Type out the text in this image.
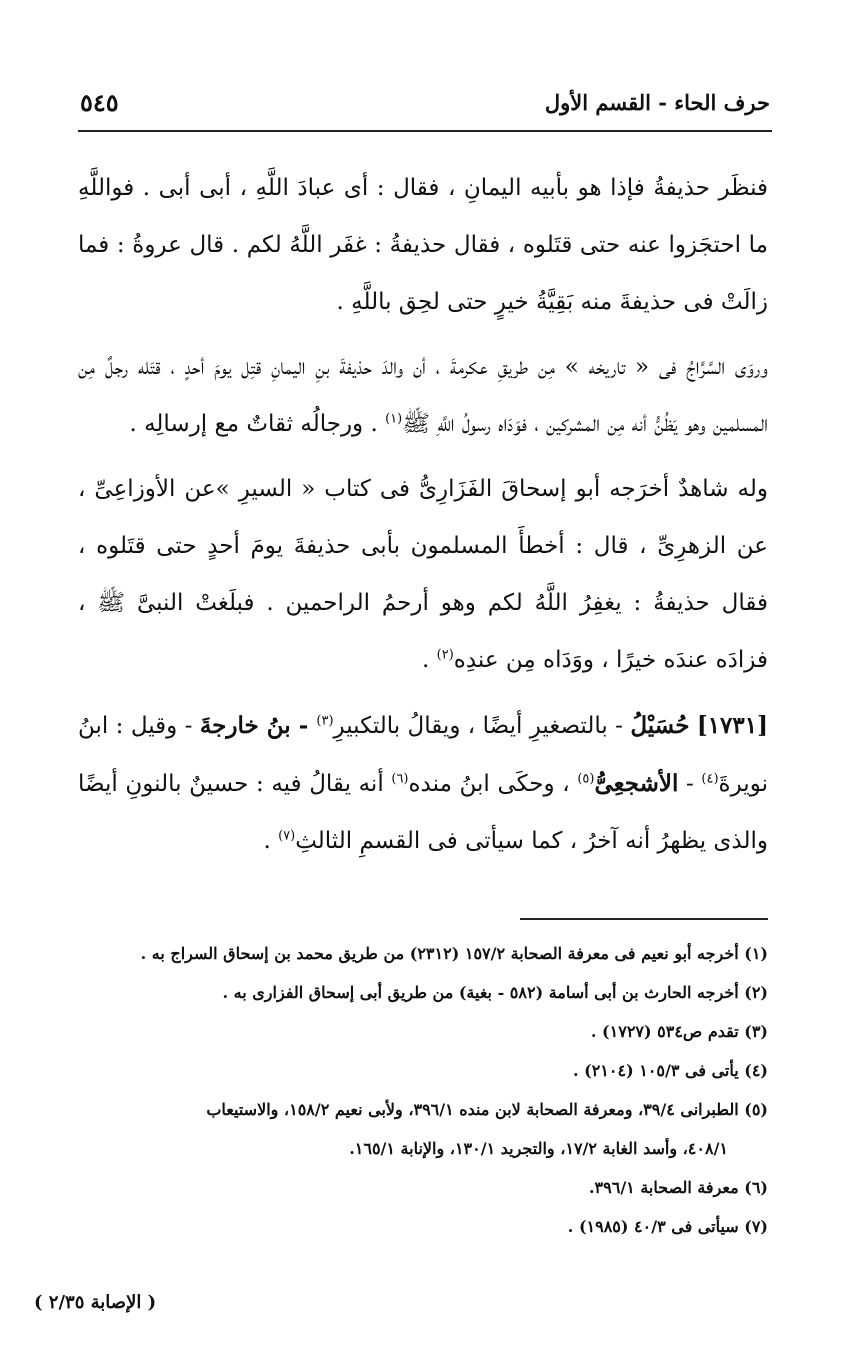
٥٤٥	حرف الحاء - القسم الأول

فنظَر حذيفةُ فإذا هو بأبيه اليمانِ ، فقال : أى عبادَ اللَّهِ ، أبى أبى . فواللَّهِ ما احتجَزوا عنه حتى قتَلوه ، فقال حذيفةُ : غفَر اللَّهُ لكم . قال عروةُ : فما زالَتْ فى حذيفةَ منه بَقِيَّةُ خيرٍ حتى لحِق باللَّهِ .

وروَى السَّرَّاجُ فى « تاريخه » مِن طريقِ عكرمةَ ، أن والدَ حذيفةَ بنِ اليمانِ قتِل يومَ أحدٍ ، قتَله رجلٌ مِن المسلمين وهو يَظُنُّ أنه مِن المشركين ، فوَدَاه رسولُ اللَّهِ ﷺ$^{(١)}$ . ورجالُه ثقاتٌ مع إرسالِه .

وله شاهدٌ أخرَجه أبو إسحاقَ الفَزَارِىُّ فى كتاب « السيرِ »عن الأوزاعِىِّ ، عن الزهرِىِّ ، قال : أخطأَ المسلمون بأبى حذيفةَ يومَ أحدٍ حتى قتَلوه ، فقال حذيفةُ : يغفِرُ اللَّهُ لكم وهو أرحمُ الراحمين . فبلَغتْ النبىَّ ﷺ ، فزادَه عندَه خيرًا ، ووَدَاه مِن عندِه$^{(٢)}$ .

[١٧٣١] حُسَيْلُ - بالتصغيرِ أيضًا ، ويقالُ بالتكبيرِ$^{(٣)}$ - بنُ خارجةَ - وقيل : ابنُ نويرةَ$^{(٤)}$ - الأشجعِىُّ$^{(٥)}$ ، وحكَى ابنُ منده$^{(٦)}$ أنه يقالُ فيه : حسينٌ بالنونِ أيضًا والذى يظهرُ أنه آخرُ ، كما سيأتى فى القسمِ الثالثِ$^{(٧)}$ .

(١) أخرجه أبو نعيم فى معرفة الصحابة ١٥٧/٢ (٢٣١٢) من طريق محمد بن إسحاق السراج به .
(٢) أخرجه الحارث بن أبى أسامة (٥٨٢ - بغية) من طريق أبى إسحاق الفزارى به .
(٣) تقدم ص٥٣٤ (١٧٢٧) .
(٤) يأتى فى ١٠٥/٣ (٢١٠٤) .
(٥) الطبرانى ٣٩/٤، ومعرفة الصحابة لابن منده ٣٩٦/١، ولأبى نعيم ١٥٨/٢، والاستيعاب
٤٠٨/١، وأسد الغابة ١٧/٢، والتجريد ١٣٠/١، والإنابة ١٦٥/١.
(٦) معرفة الصحابة ٣٩٦/١.
(٧) سيأتى فى ٤٠/٣ (١٩٨٥) .
( الإصابة ٢/٣٥ )
